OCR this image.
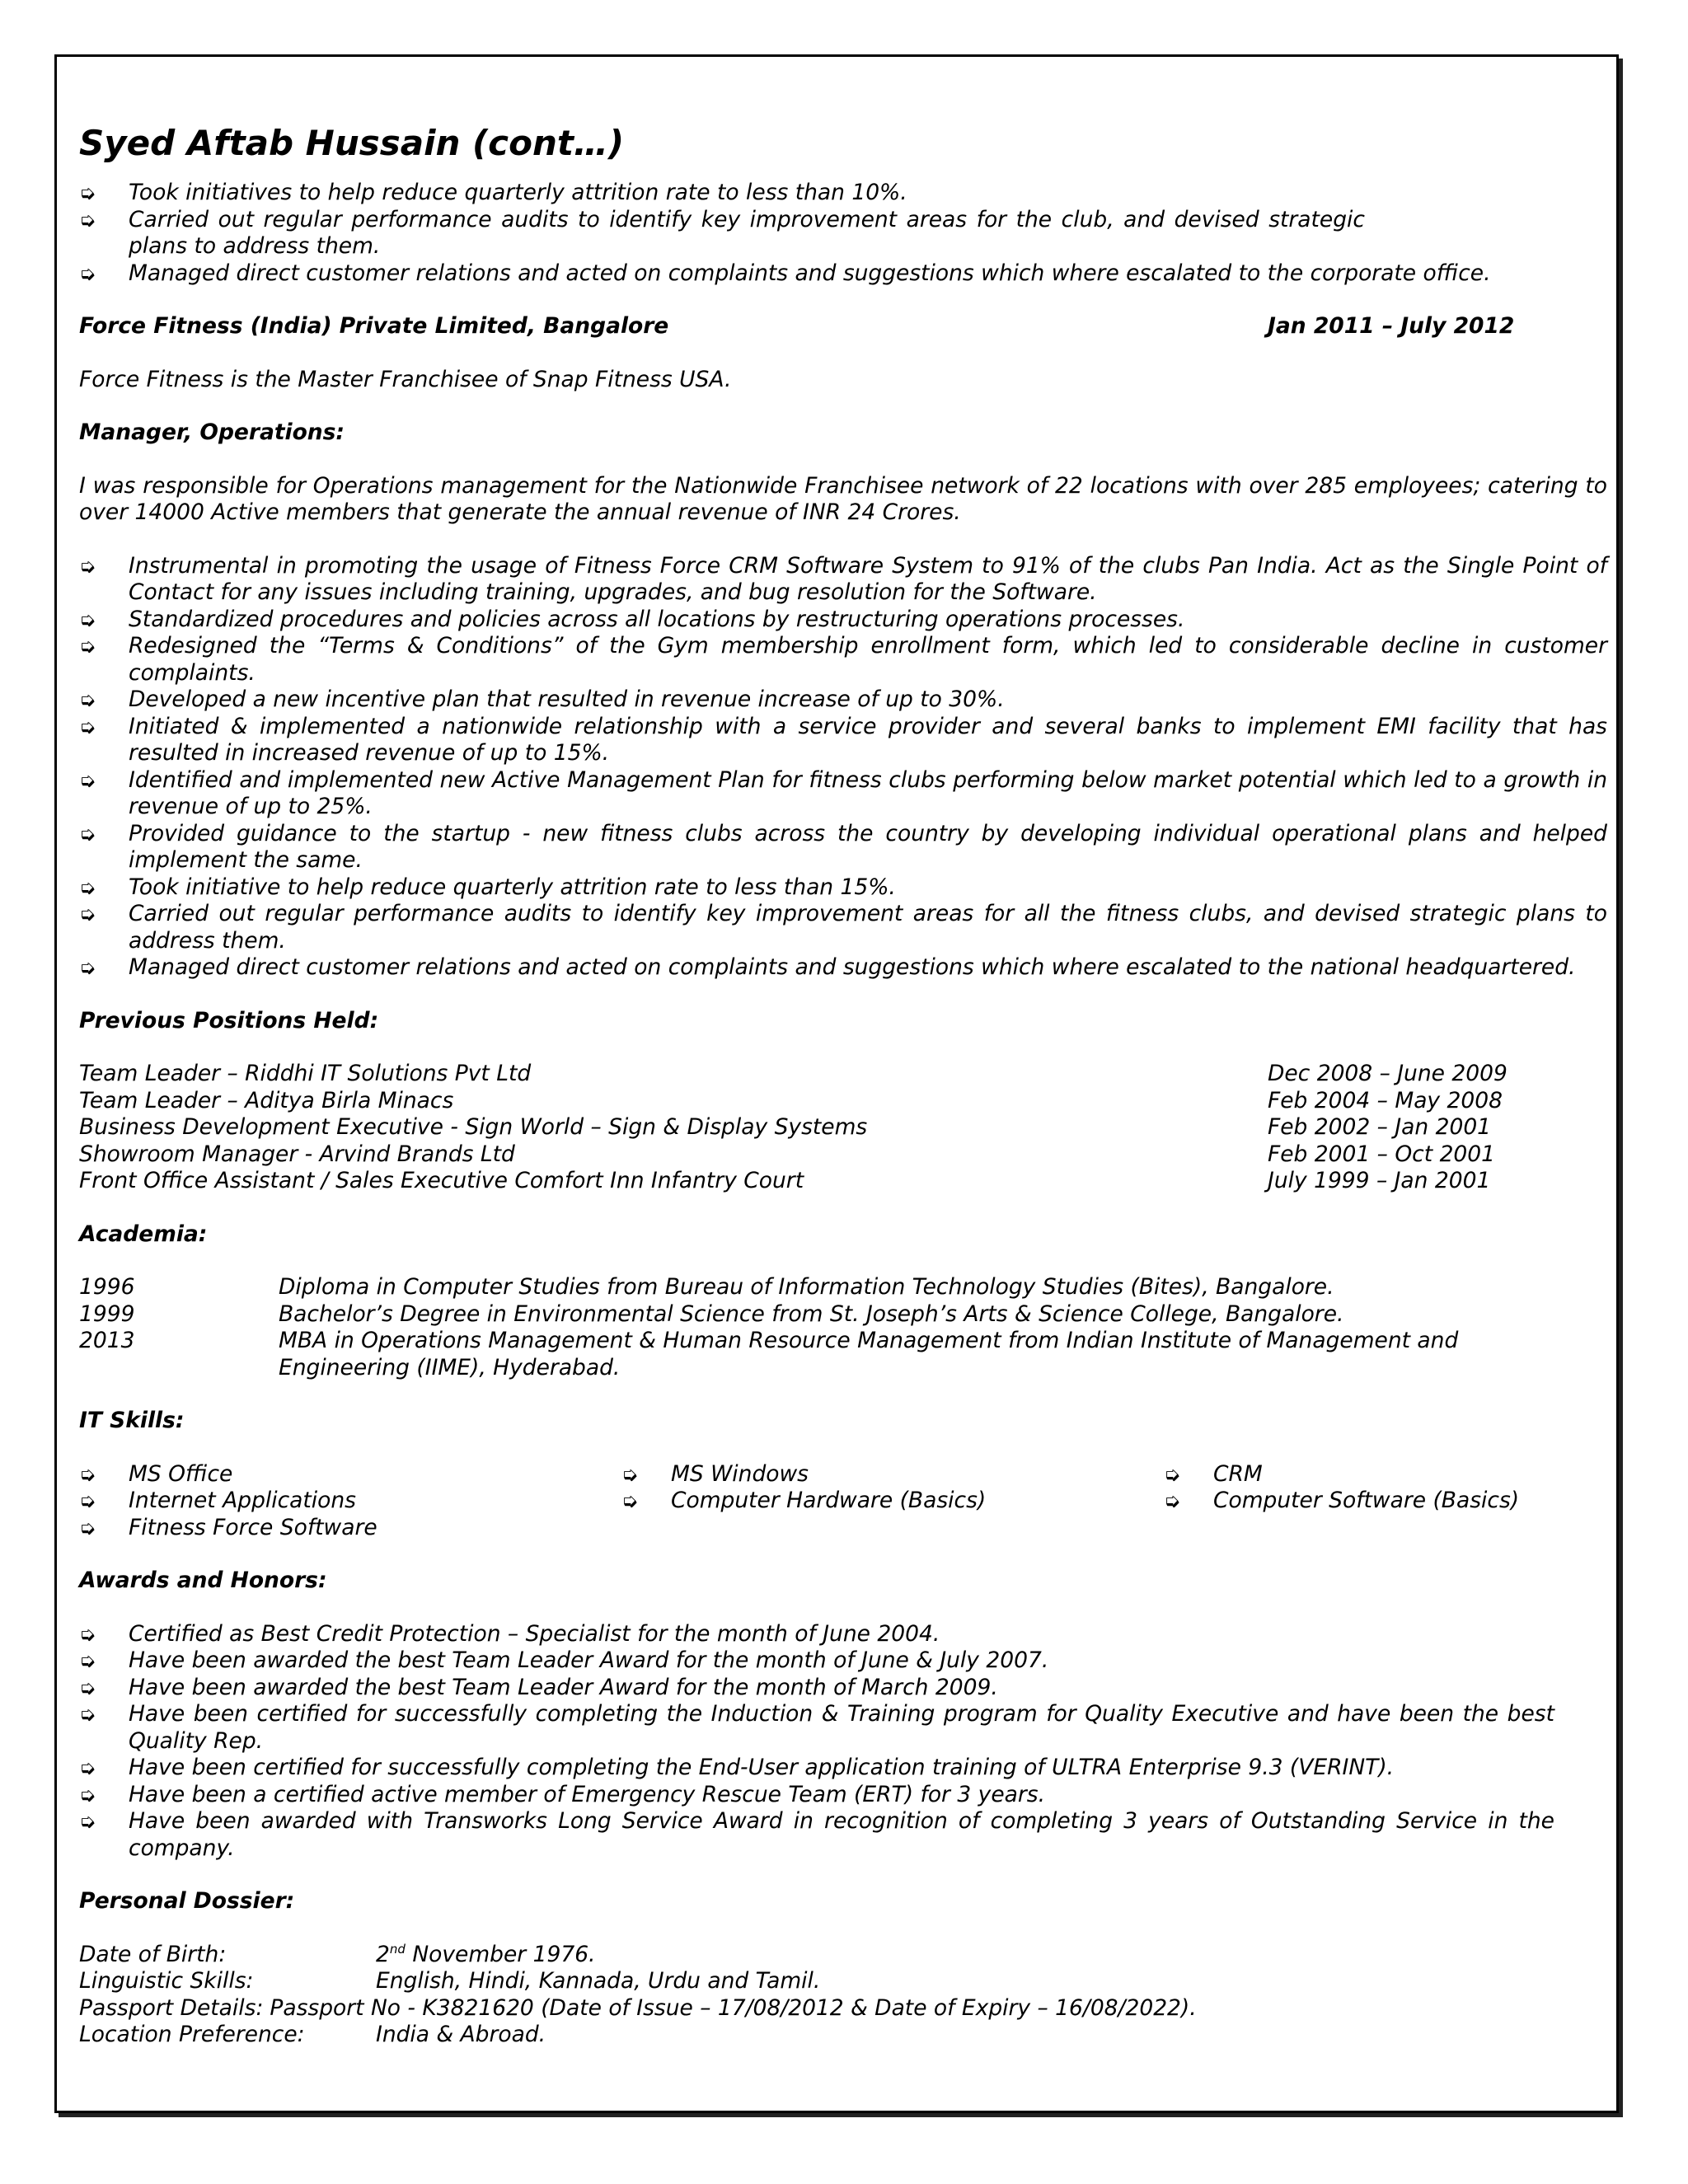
Syed Aftab Hussain (cont…)
➭ Took initiatives to help reduce quarterly attrition rate to less than 10%.
➭ Carried out regular performance audits to identify key improvement areas for the club, and devised strategic plans to address them.
➭ Managed direct customer relations and acted on complaints and suggestions which where escalated to the corporate office.
Force Fitness (India) Private Limited, Bangalore	Jan 2011 – July 2012

Force Fitness is the Master Franchisee of Snap Fitness USA.

Manager, Operations:

I was responsible for Operations management for the Nationwide Franchisee network of 22 locations with over 285 employees; catering to over 14000 Active members that generate the annual revenue of INR 24 Crores.

➭ Instrumental in promoting the usage of Fitness Force CRM Software System to 91% of the clubs Pan India. Act as the Single Point of Contact for any issues including training, upgrades, and bug resolution for the Software.
➭ Standardized procedures and policies across all locations by restructuring operations processes.
➭ Redesigned the “Terms & Conditions” of the Gym membership enrollment form, which led to considerable decline in customer complaints.
➭ Developed a new incentive plan that resulted in revenue increase of up to 30%.
➭ Initiated & implemented a nationwide relationship with a service provider and several banks to implement EMI facility that has resulted in increased revenue of up to 15%.
➭ Identified and implemented new Active Management Plan for fitness clubs performing below market potential which led to a growth in revenue of up to 25%.
➭ Provided guidance to the startup - new fitness clubs across the country by developing individual operational plans and helped implement the same.
➭ Took initiative to help reduce quarterly attrition rate to less than 15%.
➭ Carried out regular performance audits to identify key improvement areas for all the fitness clubs, and devised strategic plans to address them.
➭ Managed direct customer relations and acted on complaints and suggestions which where escalated to the national headquartered.

Previous Positions Held:

Team Leader – Riddhi IT Solutions Pvt Ltd	Dec 2008 – June 2009
Team Leader – Aditya Birla Minacs	Feb 2004 – May 2008
Business Development Executive - Sign World – Sign & Display Systems	Feb 2002 – Jan 2001
Showroom Manager - Arvind Brands Ltd	Feb 2001 – Oct 2001
Front Office Assistant / Sales Executive Comfort Inn Infantry Court	July 1999 – Jan 2001

Academia:

1996	Diploma in Computer Studies from Bureau of Information Technology Studies (Bites), Bangalore.
1999	Bachelor’s Degree in Environmental Science from St. Joseph’s Arts & Science College, Bangalore.
2013	MBA in Operations Management & Human Resource Management from Indian Institute of Management and Engineering (IIME), Hyderabad.

IT Skills:

➭ MS Office	➭ MS Windows	➭ CRM
➭ Internet Applications	➭ Computer Hardware (Basics)	➭ Computer Software (Basics)
➭ Fitness Force Software

Awards and Honors:

➭ Certified as Best Credit Protection – Specialist for the month of June 2004.
➭ Have been awarded the best Team Leader Award for the month of June & July 2007.
➭ Have been awarded the best Team Leader Award for the month of March 2009.
➭ Have been certified for successfully completing the Induction & Training program for Quality Executive and have been the best Quality Rep.
➭ Have been certified for successfully completing the End-User application training of ULTRA Enterprise 9.3 (VERINT).
➭ Have been a certified active member of Emergency Rescue Team (ERT) for 3 years.
➭ Have been awarded with Transworks Long Service Award in recognition of completing 3 years of Outstanding Service in the company.

Personal Dossier:

Date of Birth:	2nd November 1976.
Linguistic Skills:	English, Hindi, Kannada, Urdu and Tamil.
Passport Details: Passport No - K3821620 (Date of Issue – 17/08/2012 & Date of Expiry – 16/08/2022).
Location Preference:	India & Abroad.
